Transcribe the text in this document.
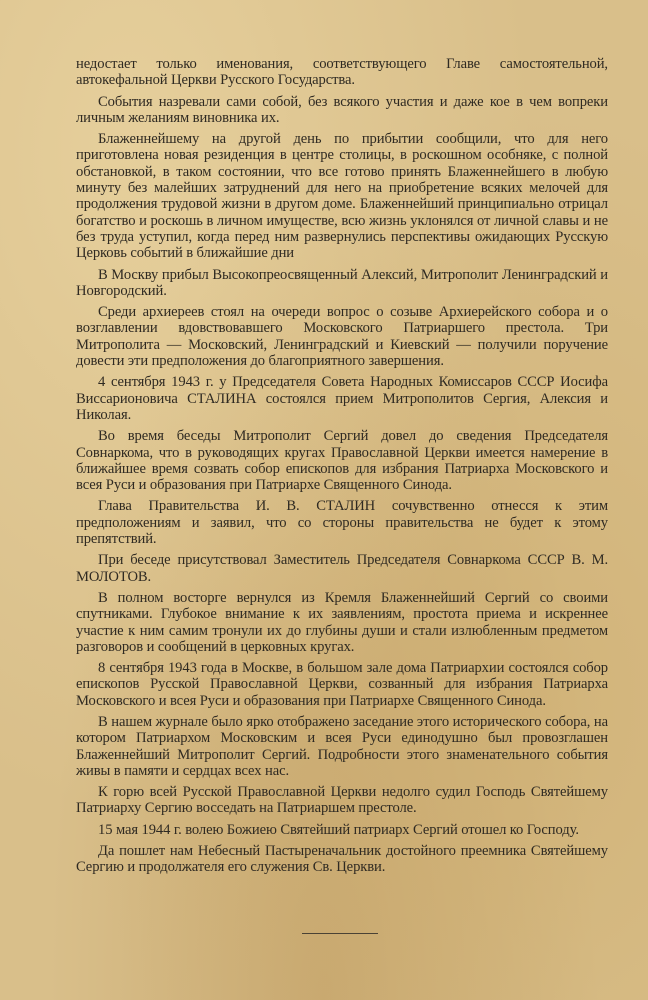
недостает только именования, соответствующего Главе самостоятельной, автокефальной Церкви Русского Государства.

События назревали сами собой, без всякого участия и даже кое в чем вопреки личным желаниям виновника их.

Блаженнейшему на другой день по прибытии сообщили, что для него приготовлена новая резиденция в центре столицы, в роскошном особняке, с полной обстановкой, в таком состоянии, что все готово принять Блаженнейшего в любую минуту без малейших затруднений для него на приобретение всяких мелочей для продолжения трудовой жизни в другом доме. Блаженнейший принципиально отрицал богатство и роскошь в личном имуществе, всю жизнь уклонялся от личной славы и не без труда уступил, когда перед ним развернулись перспективы ожидающих Русскую Церковь событий в ближайшие дни

В Москву прибыл Высокопреосвященный Алексий, Митрополит Ленинградский и Новгородский.

Среди архиереев стоял на очереди вопрос о созыве Архиерейского собора и о возглавлении вдовствовавшего Московского Патриаршего престола. Три Митрополита — Московский, Ленинградский и Киевский — получили поручение довести эти предположения до благоприятного завершения.

4 сентября 1943 г. у Председателя Совета Народных Комиссаров СССР Иосифа Виссарионовича СТАЛИНА состоялся прием Митрополитов Сергия, Алексия и Николая.

Во время беседы Митрополит Сергий довел до сведения Председателя Совнаркома, что в руководящих кругах Православной Церкви имеется намерение в ближайшее время созвать собор епископов для избрания Патриарха Московского и всея Руси и образования при Патриархе Священного Синода.

Глава Правительства И. В. СТАЛИН сочувственно отнесся к этим предположениям и заявил, что со стороны правительства не будет к этому препятствий.

При беседе присутствовал Заместитель Председателя Совнаркома СССР В. М. МОЛОТОВ.

В полном восторге вернулся из Кремля Блаженнейший Сергий со своими спутниками. Глубокое внимание к их заявлениям, простота приема и искреннее участие к ним самим тронули их до глубины души и стали излюбленным предметом разговоров и сообщений в церковных кругах.

8 сентября 1943 года в Москве, в большом зале дома Патриархии состоялся собор епископов Русской Православной Церкви, созванный для избрания Патриарха Московского и всея Руси и образования при Патриархе Священного Синода.

В нашем журнале было ярко отображено заседание этого исторического собора, на котором Патриархом Московским и всея Руси единодушно был провозглашен Блаженнейший Митрополит Сергий. Подробности этого знаменательного события живы в памяти и сердцах всех нас.

К горю всей Русской Православной Церкви недолго судил Господь Святейшему Патриарху Сергию восседать на Патриаршем престоле.

15 мая 1944 г. волею Божиею Святейший патриарх Сергий отошел ко Господу.

Да пошлет нам Небесный Пастыреначальник достойного преемника Святейшему Сергию и продолжателя его служения Св. Церкви.
